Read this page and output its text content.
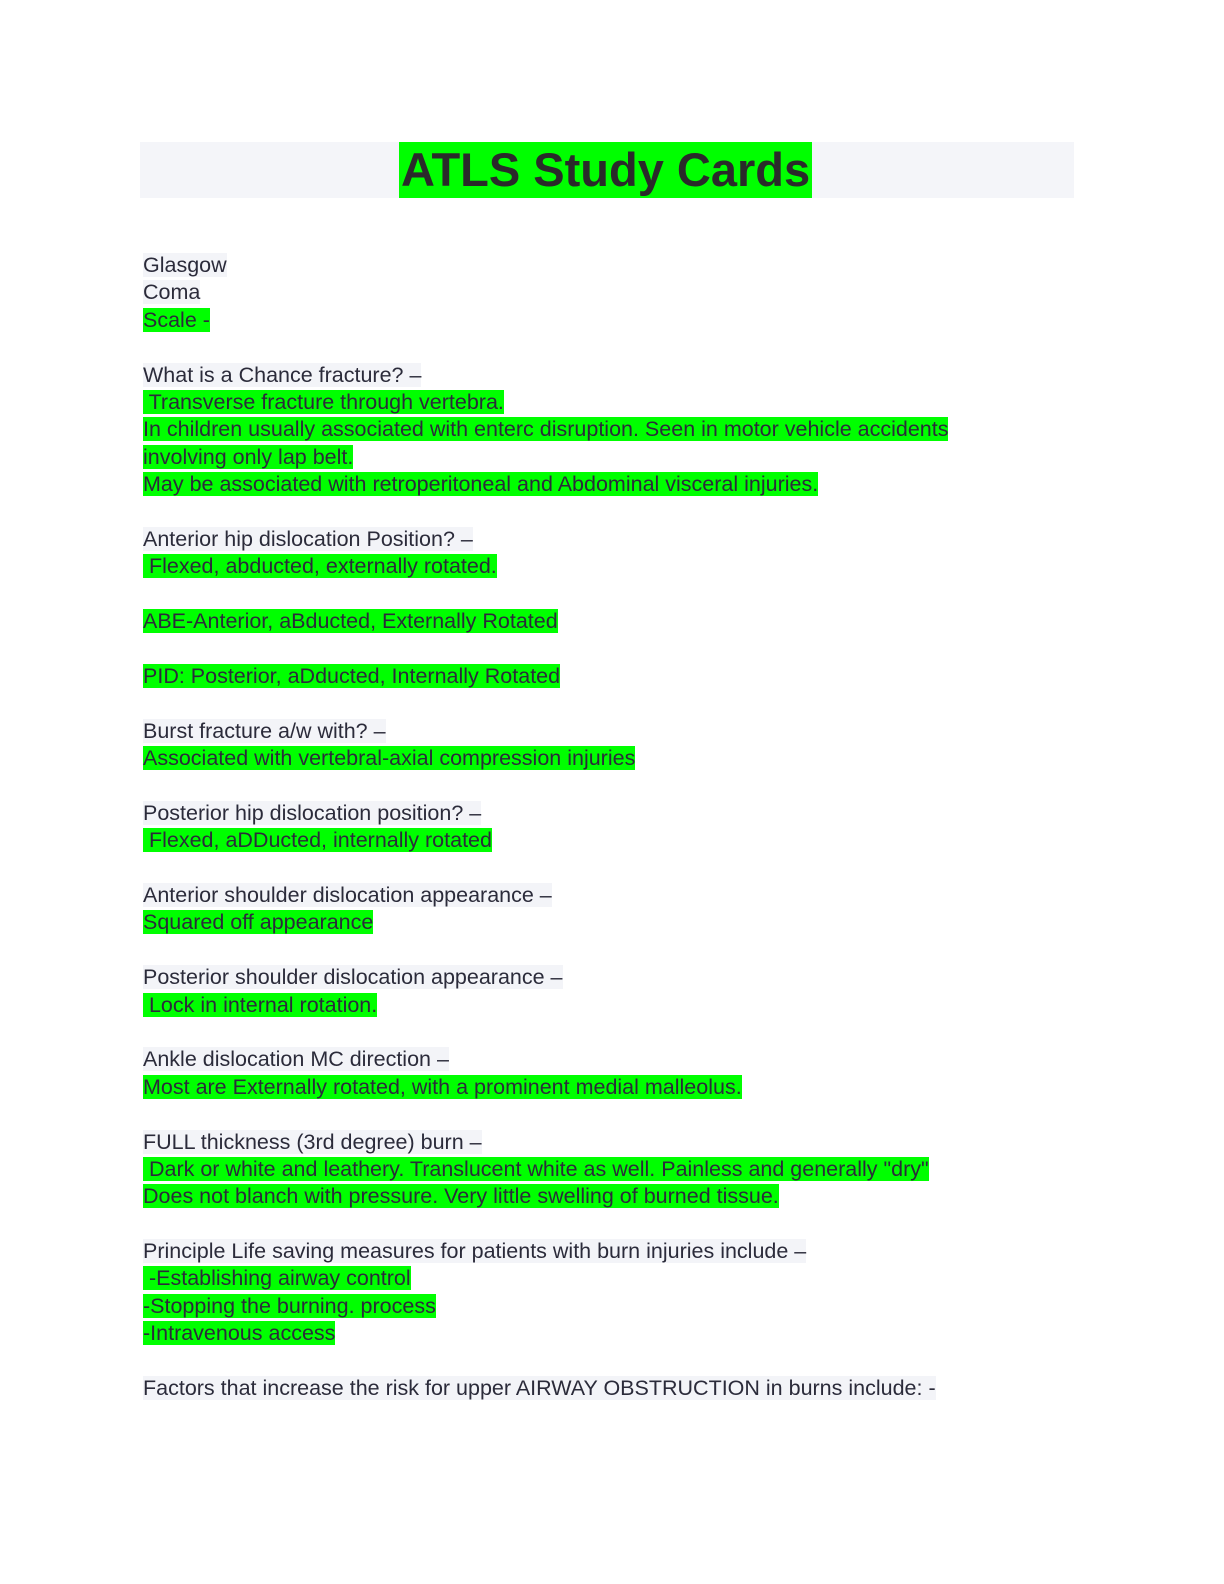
ATLS Study Cards
Glasgow
Coma
Scale -
What is a Chance fracture? –
Transverse fracture through vertebra.
In children usually associated with enterc disruption. Seen in motor vehicle accidents
involving only lap belt.
May be associated with retroperitoneal and Abdominal visceral injuries.
Anterior hip dislocation Position? –
Flexed, abducted, externally rotated.
ABE-Anterior, aBducted, Externally Rotated
PID: Posterior, aDducted, Internally Rotated
Burst fracture a/w with? –
Associated with vertebral-axial compression injuries
Posterior hip dislocation position? –
Flexed, aDDucted, internally rotated
Anterior shoulder dislocation appearance –
Squared off appearance
Posterior shoulder dislocation appearance –
Lock in internal rotation.
Ankle dislocation MC direction –
Most are Externally rotated, with a prominent medial malleolus.
FULL thickness (3rd degree) burn –
Dark or white and leathery. Translucent white as well. Painless and generally "dry"
Does not blanch with pressure. Very little swelling of burned tissue.
Principle Life saving measures for patients with burn injuries include –
-Establishing airway control
-Stopping the burning. process
-Intravenous access
Factors that increase the risk for upper AIRWAY OBSTRUCTION in burns include: -
